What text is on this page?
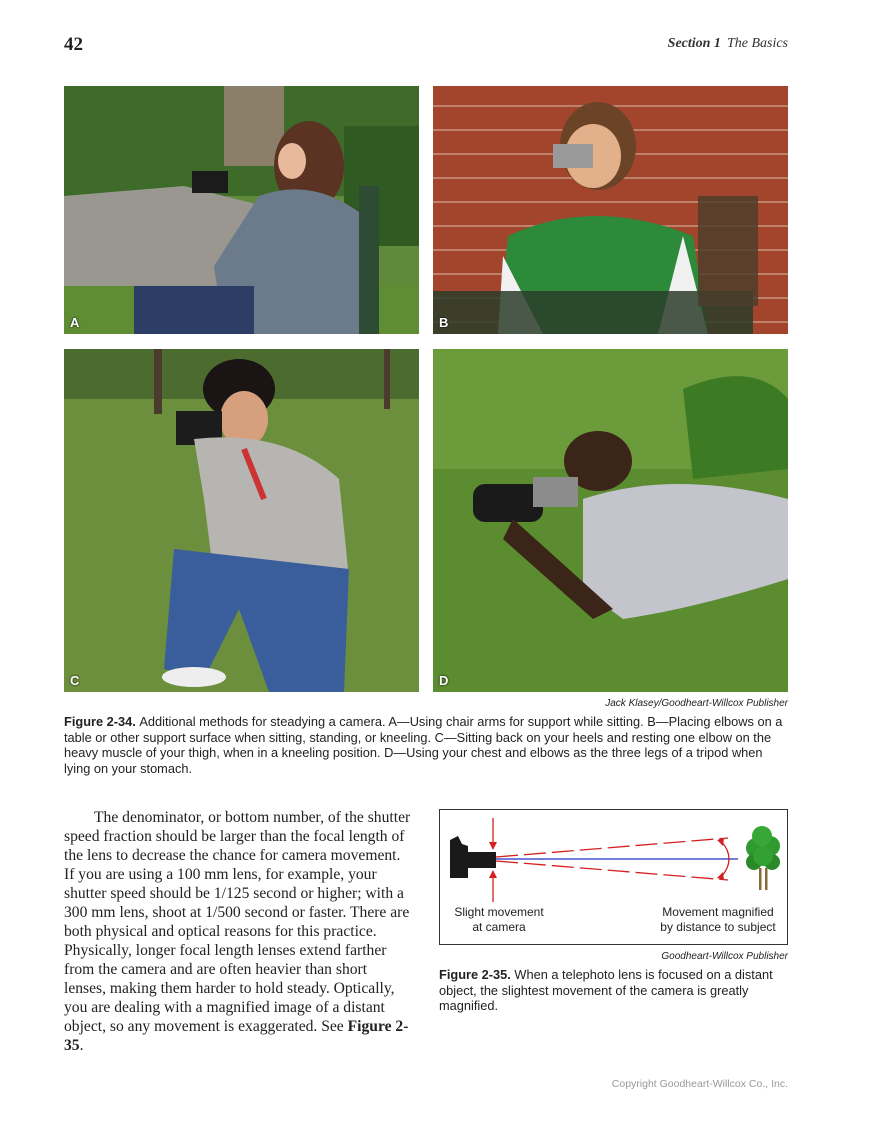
42	Section 1 The Basics
A	B
C	D
Jack Klasey/Goodheart-Willcox Publisher
Figure 2-34. Additional methods for steadying a camera. A—Using chair arms for support while sitting. B—Placing elbows on a table or other support surface when sitting, standing, or kneeling. C—Sitting back on your heels and resting one elbow on the heavy muscle of your thigh, when in a kneeling position. D—Using your chest and elbows as the three legs of a tripod when lying on your stomach.

The denominator, or bottom number, of the shutter speed fraction should be larger than the focal length of the lens to decrease the chance for camera movement. If you are using a 100 mm lens, for example, your shutter speed should be 1/125 second or higher; with a 300 mm lens, shoot at 1/500 second or faster. There are both physical and optical reasons for this practice. Physically, longer focal length lenses extend farther from the camera and are often heavier than short lenses, making them harder to hold steady. Optically, you are dealing with a magnified image of a distant object, so any movement is exaggerated. See Figure 2-35.

Slight movement
at camera
Movement magnified
by distance to subject
Goodheart-Willcox Publisher
Figure 2-35. When a telephoto lens is focused on a distant object, the slightest movement of the camera is greatly magnified.
Copyright Goodheart-Willcox Co., Inc.
